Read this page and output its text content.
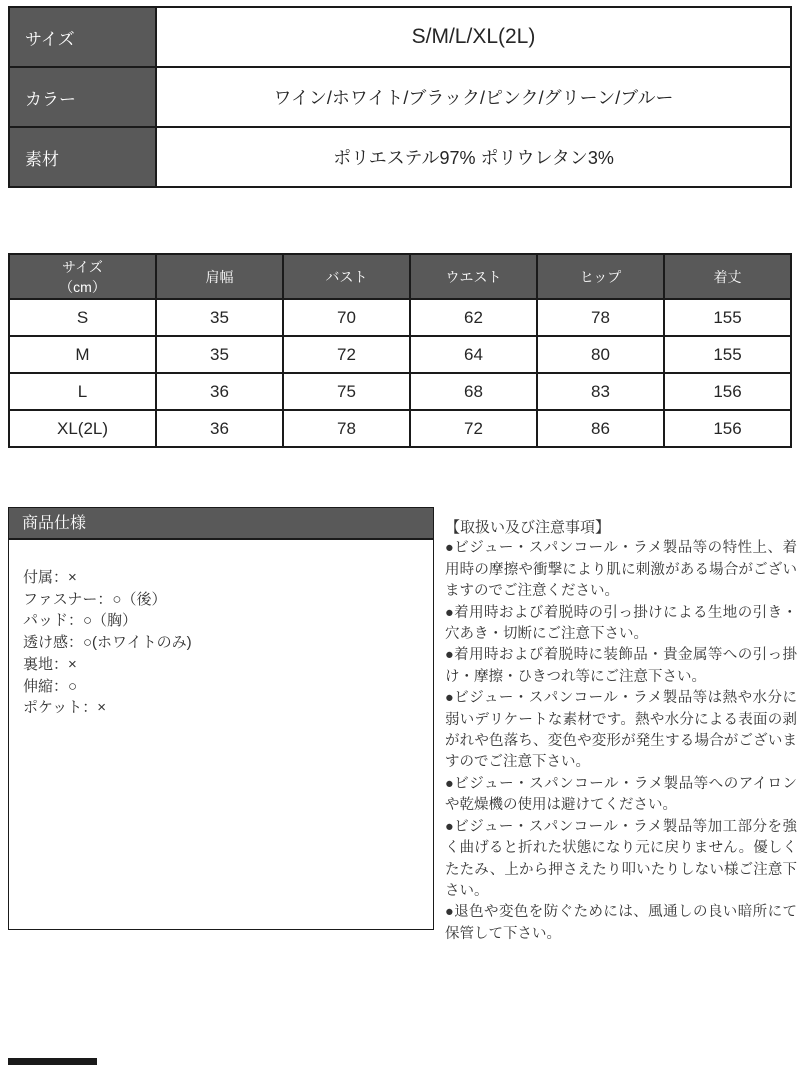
サイズ	S/M/L/XL(2L)
カラー	ワイン/ホワイト/ブラック/ピンク/グリーン/ブルー
素材	ポリエステル97% ポリウレタン3%
サイズ
（cm）	肩幅	バスト	ウエスト	ヒップ	着丈
S	35	70	62	78	155
M	35	72	64	80	155
L	36	75	68	83	156
XL(2L)	36	78	72	86	156
商品仕様
付属：×
ファスナー：○（後）
パッド：○（胸）
透け感：○(ホワイトのみ)
裏地：×
伸縮：○
ポケット：×
【取扱い及び注意事項】

●ビジュー・スパンコール・ラメ製品等の特性上、着用時の摩擦や衝撃により肌に刺激がある場合がございますのでご注意ください。

●着用時および着脱時の引っ掛けによる生地の引き・穴あき・切断にご注意下さい。

●着用時および着脱時に装飾品・貴金属等への引っ掛け・摩擦・ひきつれ等にご注意下さい。

●ビジュー・スパンコール・ラメ製品等は熱や水分に弱いデリケートな素材です。熱や水分による表面の剥がれや色落ち、変色や変形が発生する場合がございますのでご注意下さい。

●ビジュー・スパンコール・ラメ製品等へのアイロンや乾燥機の使用は避けてください。

●ビジュー・スパンコール・ラメ製品等加工部分を強く曲げると折れた状態になり元に戻りません。優しくたたみ、上から押さえたり叩いたりしない様ご注意下さい。

●退色や変色を防ぐためには、風通しの良い暗所にて保管して下さい。
